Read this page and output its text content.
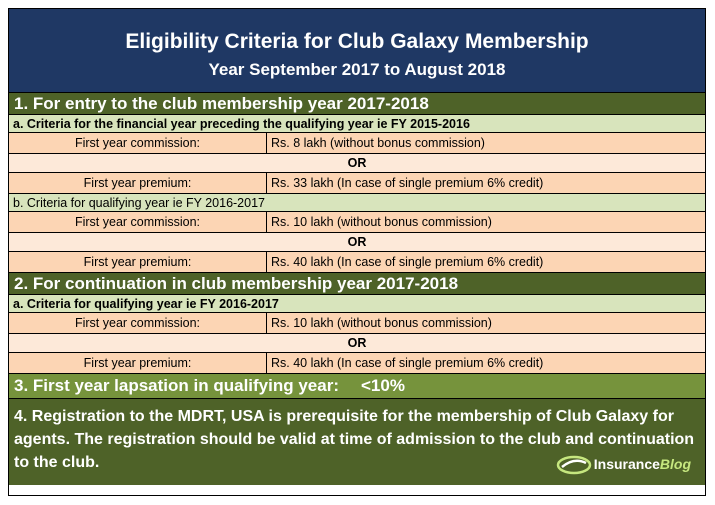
Eligibility Criteria for Club Galaxy Membership
Year September 2017 to August 2018
1. For entry to the club membership year 2017-2018
a. Criteria for the financial year preceding the qualifying year ie FY 2015-2016
First year commission:	Rs. 8 lakh (without bonus commission)
OR
First year premium:	Rs. 33 lakh (In case of single premium 6% credit)
b. Criteria for qualifying year ie FY 2016-2017
First year commission:	Rs. 10 lakh (without bonus commission)
OR
First year premium:	Rs. 40 lakh (In case of single premium 6% credit)
2. For continuation in club membership year 2017-2018
a. Criteria for qualifying year ie FY 2016-2017
First year commission:	Rs. 10 lakh (without bonus commission)
OR
First year premium:	Rs. 40 lakh (In case of single premium 6% credit)
3. First year lapsation in qualifying year: <10%
4. Registration to the MDRT, USA is prerequisite for the membership of Club Galaxy for agents. The registration should be valid at time of admission to the club and continuation to the club.	InsuranceBlog
